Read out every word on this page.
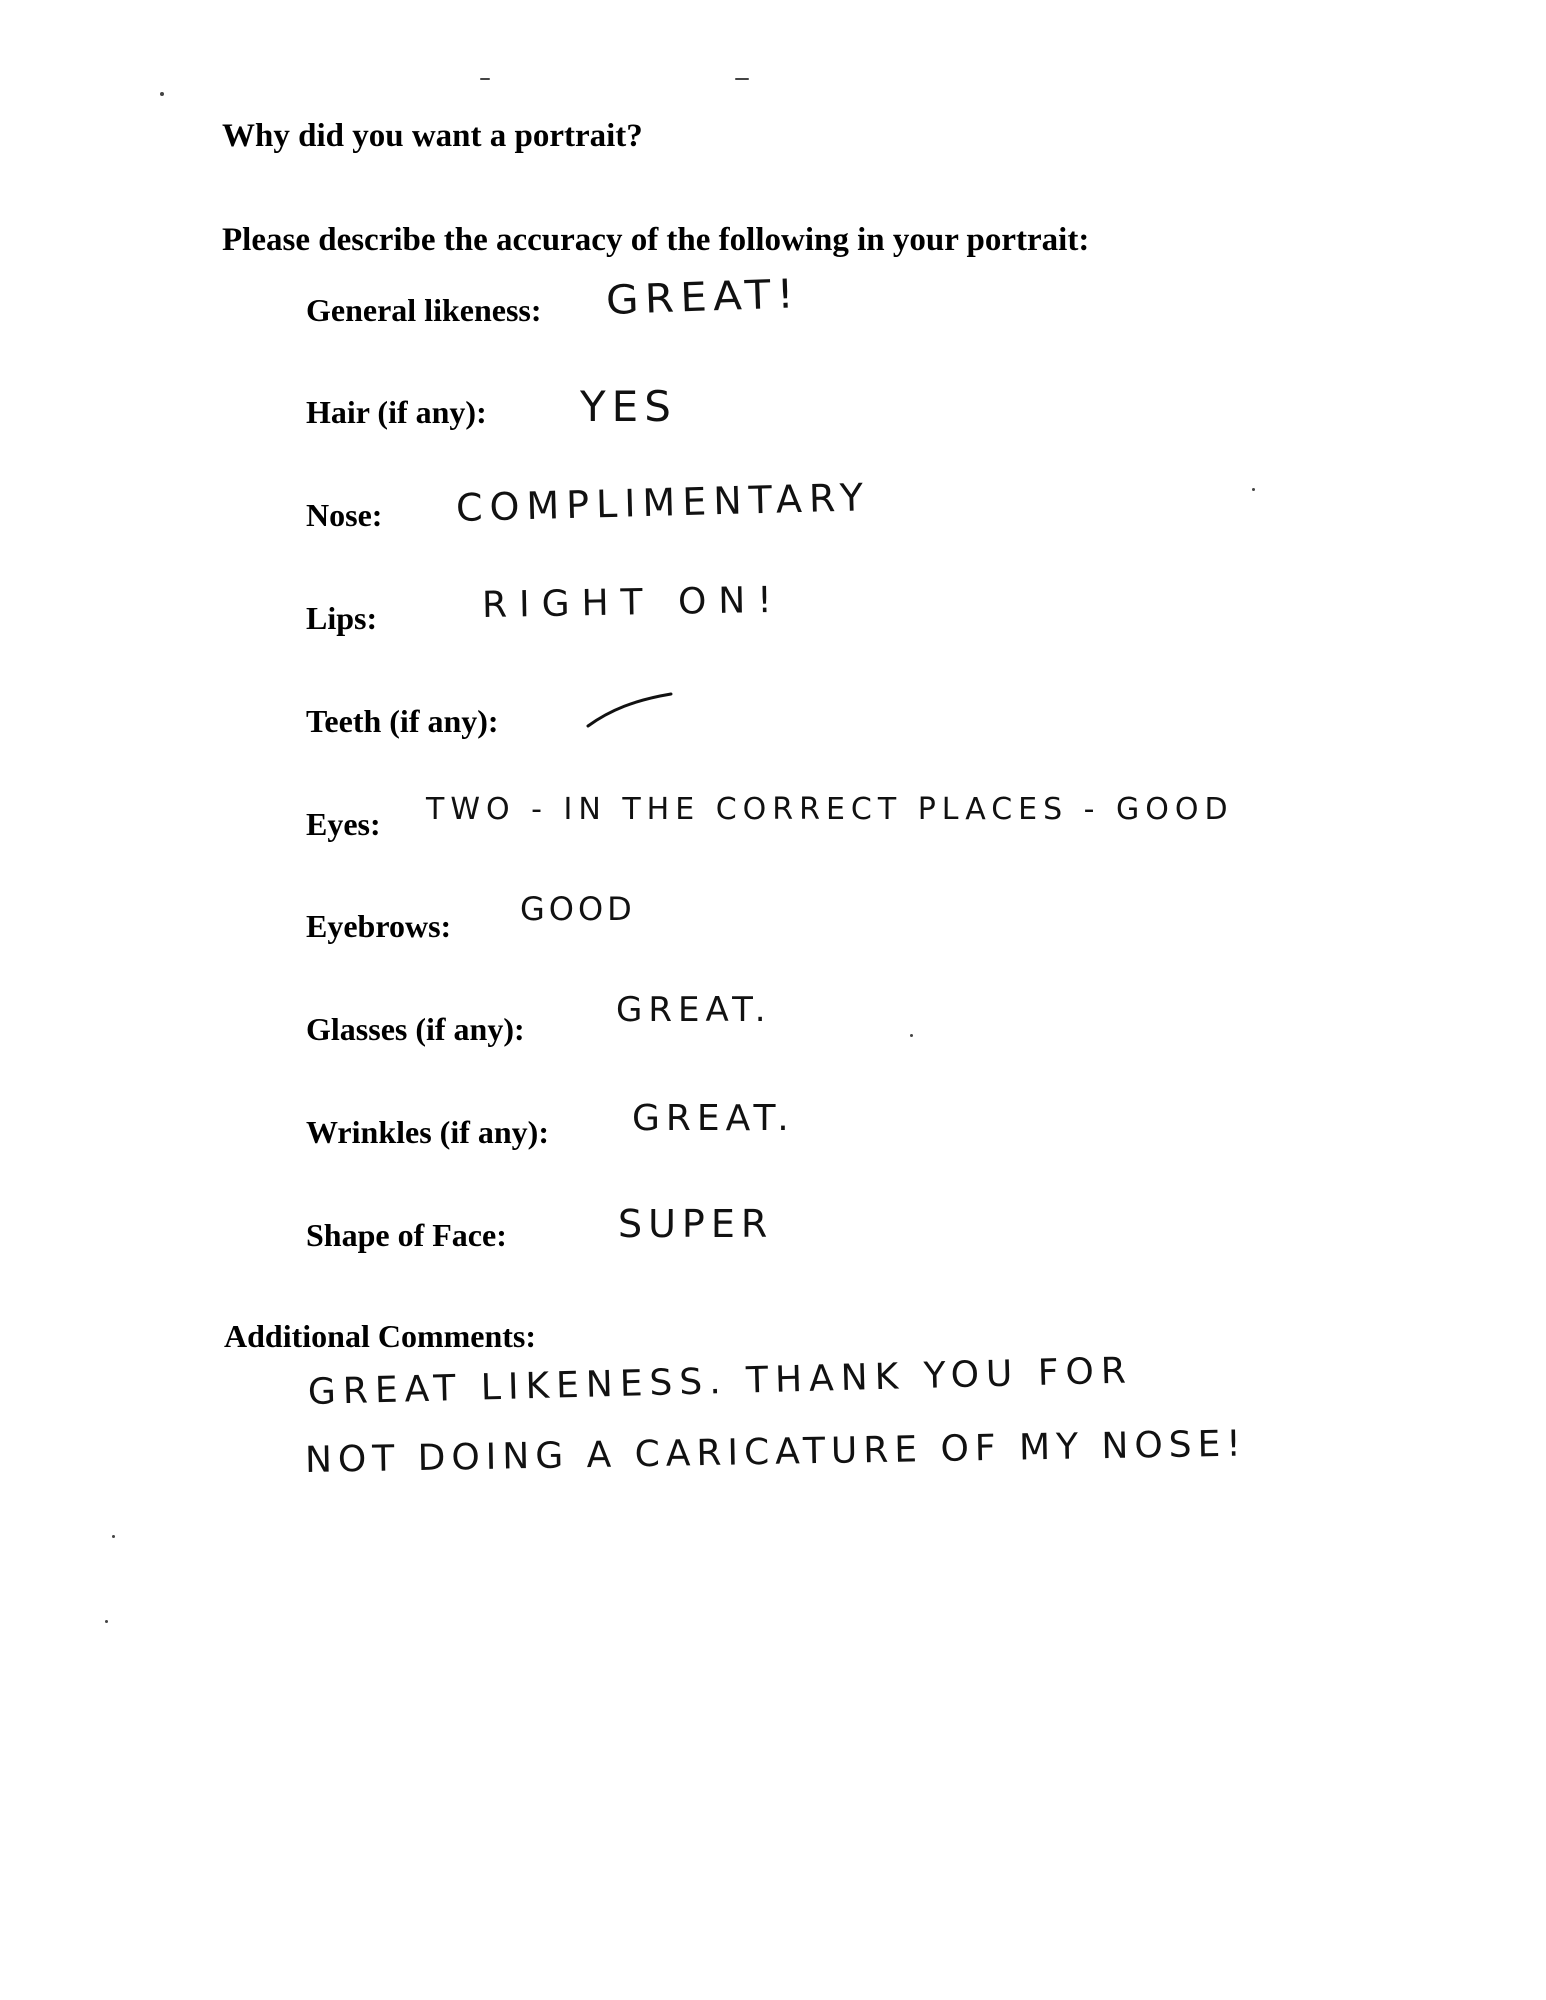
Why did you want a portrait?
Please describe the accuracy of the following in your portrait:
General likeness:
Hair (if any):
Nose:
Lips:
Teeth (if any):
Eyes:
Eyebrows:
Glasses (if any):
Wrinkles (if any):
Shape of Face:
GREAT!
YES
COMPLIMENTARY
RIGHT ON!
TWO - IN THE CORRECT PLACES - GOOD
GOOD
GREAT.
GREAT.
SUPER
Additional Comments:
GREAT LIKENESS. THANK YOU FOR
NOT DOING A CARICATURE OF MY NOSE!
